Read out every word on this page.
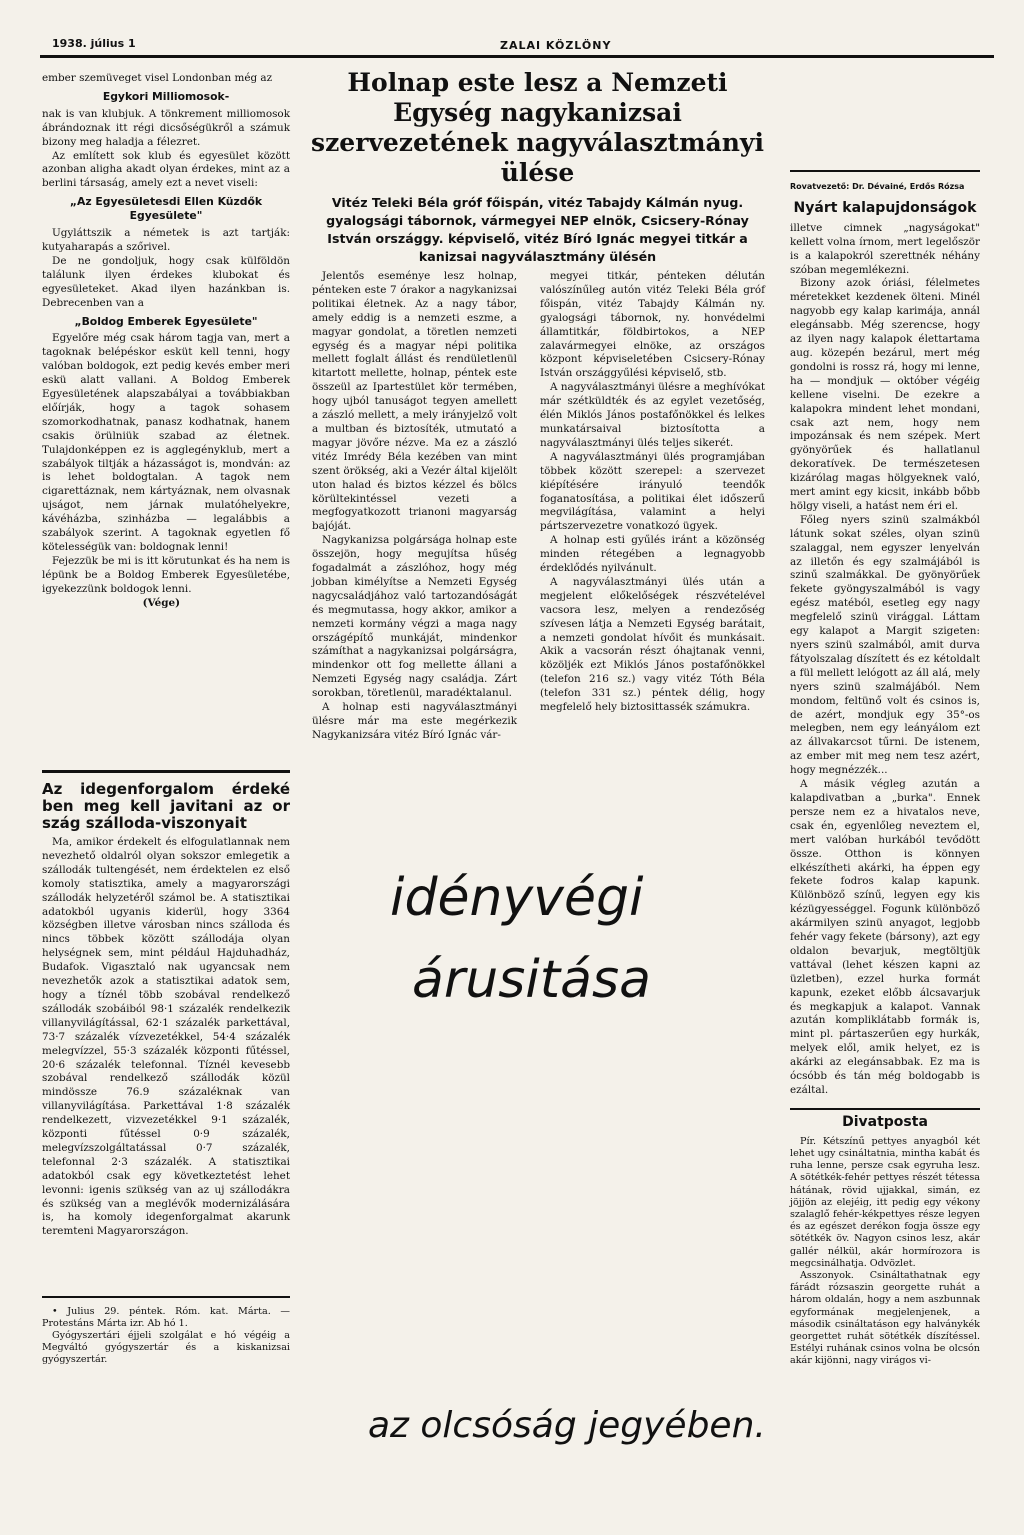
1938. július 1	ZALAI KÖZLÖNY

ember szemüveget visel Londonban még az

Egykori Milliomosok-

nak is van klubjuk. A tönkrement milliomosok ábrándoznak itt régi dicsőségükről a számuk bizony meg haladja a félezret.

Az említett sok klub és egyesület között azonban aligha akadt olyan érdekes, mint az a berlini társaság, amely ezt a nevet viseli:

„Az Egyesületesdi Ellen Küzdők Egyesülete"

Ugyláttszik a németek is azt tartják: kutyaharapás a szőrivel.

De ne gondoljuk, hogy csak külföldön találunk ilyen érdekes klubokat és egyesületeket. Akad ilyen hazánkban is. Debrecenben van a

„Boldog Emberek Egyesülete"

Egyelőre még csak három tagja van, mert a tagoknak belépéskor esküt kell tenni, hogy valóban boldogok, ezt pedig kevés ember meri eskü alatt vallani. A Boldog Emberek Egyesületének alapszabályai a továbbiakban előírják, hogy a tagok sohasem szomorkodhatnak, panasz kodhatnak, hanem csakis örülniük szabad az életnek. Tulajdonképpen ez is agglegényklub, mert a szabályok tiltják a házasságot is, mondván: az is lehet boldogtalan. A tagok nem cigarettáznak, nem kártyáznak, nem olvasnak ujságot, nem járnak mulatóhelyekre, kávéházba, szinházba — legalábbis a szabályok szerint. A tagoknak egyetlen fő kötelességük van: boldognak lenni!

Fejezzük be mi is itt körutunkat és ha nem is lépünk be a Boldog Emberek Egyesületébe, igyekezzünk boldogok lenni.

(Vége)

Az idegenforgalom érdeké ben meg kell javitani az or szág szálloda-viszonyait

Ma, amikor érdekelt és elfogulatlannak nem nevezhető oldalról olyan sokszor emlegetik a szállodák tultengését, nem érdektelen ez első komoly statisztika, amely a magyarországi szállodák helyzetéről számol be. A statisztikai adatokból ugyanis kiderül, hogy 3364 községben illetve városban nincs szálloda és nincs többek között szállodája olyan helységnek sem, mint például Hajduhadház, Budafok. Vigasztaló nak ugyancsak nem nevezhetők azok a statisztikai adatok sem, hogy a tíznél több szobával rendelkező szállodák szobáiból 98·1 százalék rendelkezik villanyvilágítással, 62·1 százalék parkettával, 73·7 százalék vízvezetékkel, 54·4 százalék melegvízzel, 55·3 százalék központi fűtéssel, 20·6 százalék telefonnal. Tíznél kevesebb szobával rendelkező szállodák közül mindössze 76.9 százaléknak van villanyvilágítása. Parkettával 1·8 százalék rendelkezett, vizvezetékkel 9·1 százalék, központi fűtéssel 0·9 százalék, melegvízszolgáltatással 0·7 százalék, telefonnal 2·3 százalék. A statisztikai adatokból csak egy következtetést lehet levonni: igenis szükség van az uj szállodákra és szükség van a meglévők modernizálására is, ha komoly idegenforgalmat akarunk teremteni Magyarországon.

• Julius 29. péntek. Róm. kat. Márta. — Protestáns Márta izr. Ab hó 1.

Gyógyszertári éjjeli szolgálat e hó végéig a Megváltó gyógyszertár és a kiskanizsai gyógyszertár.

Holnap este lesz a Nemzeti Egység nagykanizsai szervezetének nagyválasztmányi ülése
Vitéz Teleki Béla gróf főispán, vitéz Tabajdy Kálmán nyug. gyalogsági tábornok, vármegyei NEP elnök, Csicsery-Rónay István országgy. képviselő, vitéz Bíró Ignác megyei titkár a kanizsai nagyválasztmány ülésén

Jelentős eseménye lesz holnap, pénteken este 7 órakor a nagykanizsai politikai életnek. Az a nagy tábor, amely eddig is a nemzeti eszme, a magyar gondolat, a töretlen nemzeti egység és a magyar népi politika mellett foglalt állást és rendületlenül kitartott mellette, holnap, péntek este összeül az Ipartestület kör termében, hogy ujból tanuságot tegyen amellett a zászló mellett, a mely irányjelző volt a multban és biztosíték, utmutató a magyar jövőre nézve. Ma ez a zászló vitéz Imrédy Béla kezében van mint szent örökség, aki a Vezér által kijelölt uton halad és biztos kézzel és bölcs körültekintéssel vezeti a megfogyatkozott trianoni magyarság bajóját.

Nagykanizsa polgársága holnap este összejön, hogy megujítsa hűség fogadalmát a zászlóhoz, hogy még jobban kimélyítse a Nemzeti Egység nagycsaládjához való tartozandóságát és megmutassa, hogy akkor, amikor a nemzeti kormány végzi a maga nagy országépítő munkáját, mindenkor számíthat a nagykanizsai polgárságra, mindenkor ott fog mellette állani a Nemzeti Egység nagy családja. Zárt sorokban, töretlenül, maradéktalanul.

A holnap esti nagyválasztmányi ülésre már ma este megérkezik Nagykanizsára vitéz Bíró Ignác vár-

megyei titkár, pénteken délután valószínűleg autón vitéz Teleki Béla gróf főispán, vitéz Tabajdy Kálmán ny. gyalogsági tábornok, ny. honvédelmi államtitkár, földbirtokos, a NEP zalavármegyei elnöke, az országos központ képviseletében Csicsery-Rónay István országgyűlési képviselő, stb.

A nagyválasztmányi ülésre a meghívókat már szétküldték és az egylet vezetőség, élén Miklós János postafőnökkel és lelkes munkatársaival biztosította a nagyválasztmányi ülés teljes sikerét.

A nagyválasztmányi ülés programjában többek között szerepel: a szervezet kiépítésére irányuló teendők foganatosítása, a politikai élet időszerű megvilágítása, valamint a helyi pártszervezetre vonatkozó ügyek.

A holnap esti gyűlés iránt a közönség minden rétegében a legnagyobb érdeklődés nyilvánult.

A nagyválasztmányi ülés után a megjelent előkelőségek részvételével vacsora lesz, melyen a rendezőség szívesen látja a Nemzeti Egység barátait, a nemzeti gondolat hívőit és munkásait. Akik a vacsorán részt óhajtanak venni, közöljék ezt Miklós János postafőnökkel (telefon 216 sz.) vagy vitéz Tóth Béla (telefon 331 sz.) péntek délig, hogy megfelelő hely biztosittassék számukra.

idényvégi
árusitása
az olcsóság jegyében.
Rovatvezető: Dr. Dévainé, Erdős Rózsa
Nyárt kalapujdonságok

illetve cimnek „nagyságokat" kellett volna írnom, mert legelőször is a kalapokról szerettnék néhány szóban megemlékezni.

Bizony azok óriási, félelmetes méretekket kezdenek ölteni. Minél nagyobb egy kalap karimája, annál elegánsabb. Még szerencse, hogy az ilyen nagy kalapok élettartama aug. közepén bezárul, mert még gondolni is rossz rá, hogy mi lenne, ha — mondjuk — október végéig kellene viselni. De ezekre a kalapokra mindent lehet mondani, csak azt nem, hogy nem impozánsak és nem szépek. Mert gyönyörűek és hallatlanul dekoratívek. De természetesen kizárólag magas hölgyeknek való, mert amint egy kicsit, inkább bőbb hölgy viseli, a hatást nem éri el.

Főleg nyers szinü szalmákból látunk sokat széles, olyan szinü szalaggal, nem egyszer lenyelván az illetőn és egy szalmájából is szinű szalmákkal. De gyönyörűek fekete gyöngyszalmából is vagy egész matéból, esetleg egy nagy megfelelő szinü virággal. Láttam egy kalapot a Margit szigeten: nyers szinü szalmából, amit durva fátyolszalag díszített és ez kétoldalt a fül mellett lelógott az áll alá, mely nyers szinü szalmájából. Nem mondom, feltünő volt és csinos is, de azért, mondjuk egy 35°-os melegben, nem egy leányálom ezt az állvakarcsot tűrni. De istenem, az ember mit meg nem tesz azért, hogy megnézzék...

A másik végleg azután a kalapdivatban a „burka". Ennek persze nem ez a hivatalos neve, csak én, egyenlőleg neveztem el, mert valóban hurkából tevődött össze. Otthon is könnyen elkészítheti akárki, ha éppen egy fekete fodros kalap kapunk. Különböző színű, legyen egy kis kézügyességgel. Fogunk különböző akármilyen szinü anyagot, legjobb fehér vagy fekete (bársony), azt egy oldalon bevarjuk, megtöltjük vattával (lehet készen kapni az üzletben), ezzel hurka formát kapunk, ezeket előbb álcsavarjuk és megkapjuk a kalapot. Vannak azután kompliklátabb formák is, mint pl. pártaszerűen egy hurkák, melyek elől, amik helyet, ez is akárki az elegánsabbak. Ez ma is ócsóbb és tán még boldogabb is ezáltal.

Divatposta

Pír. Kétszínű pettyes anyagból két lehet ugy csináltatnia, mintha kabát és ruha lenne, persze csak egyruha lesz. A sötétkék-fehér pettyes részét tétessa hátának, rövid ujjakkal, simán, ez jöjjön az elejéig, itt pedig egy vékony szalaglő fehér-kékpettyes része legyen és az egészet derékon fogja össze egy sötétkék öv. Nagyon csinos lesz, akár gallér nélkül, akár hormírozora is megcsinálhatja. Odvözlet.

Asszonyok. Csináltathatnak egy fárádt rózsaszin georgette ruhát a három oldalán, hogy a nem aszbunnak egyformának megjelenjenek, a második csináltatáson egy halványkék georgettet ruhát sötétkék díszítéssel. Estélyi ruhának csinos volna be olcsón akár kijönni, nagy virágos vi-
